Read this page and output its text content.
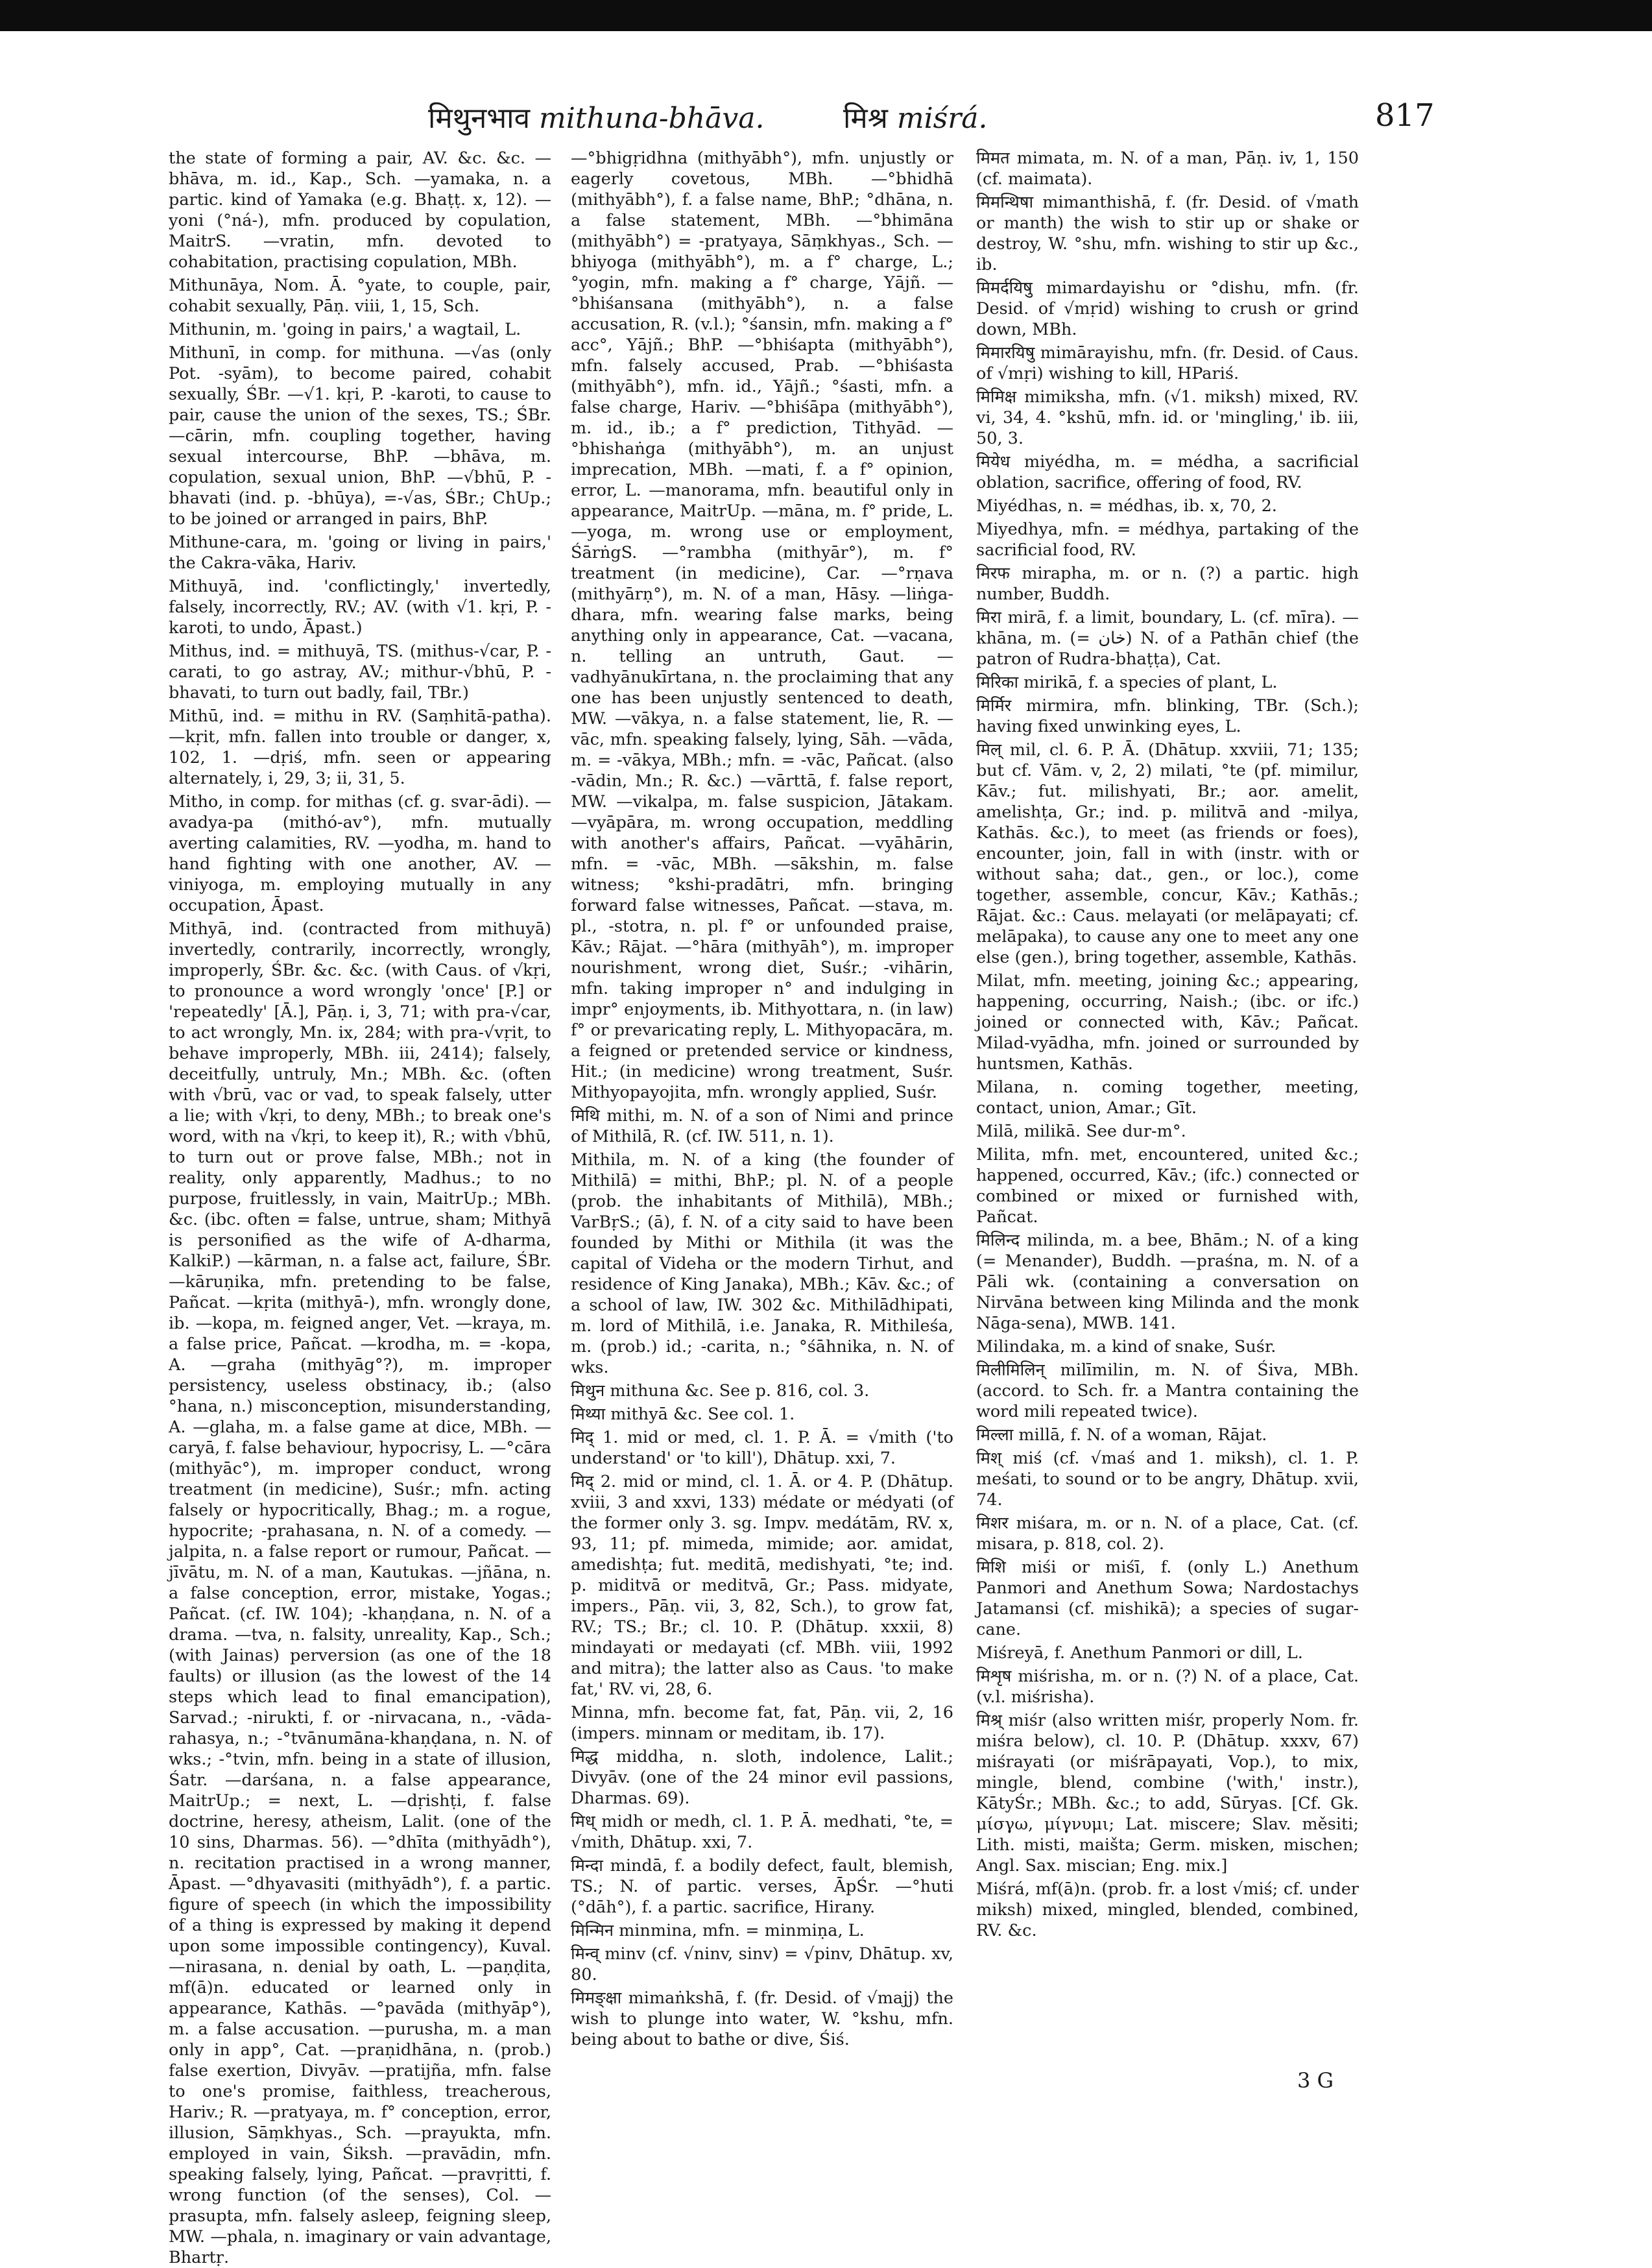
मिथुनभाव mithuna-bhāva.	मिश्र miśrá.	817

the state of forming a pair, AV. &c. &c. —bhāva, m. id., Kap., Sch. —yamaka, n. a partic. kind of Yamaka (e.g. Bhaṭṭ. x, 12). —yoni (°ná-), mfn. produced by copulation, MaitrS. —vratin, mfn. devoted to cohabitation, practising copulation, MBh.

Mithunāya, Nom. Ā. °yate, to couple, pair, cohabit sexually, Pāṇ. viii, 1, 15, Sch.

Mithunin, m. 'going in pairs,' a wagtail, L.

Mithunī, in comp. for mithuna. —√as (only Pot. -syām), to become paired, cohabit sexually, ŚBr. —√1. kṛi, P. -karoti, to cause to pair, cause the union of the sexes, TS.; ŚBr. —cārin, mfn. coupling together, having sexual intercourse, BhP. —bhāva, m. copulation, sexual union, BhP. —√bhū, P. -bhavati (ind. p. -bhūya), =-√as, ŚBr.; ChUp.; to be joined or arranged in pairs, BhP.

Mithune-cara, m. 'going or living in pairs,' the Cakra-vāka, Hariv.

Mithuyā, ind. 'conflictingly,' invertedly, falsely, incorrectly, RV.; AV. (with √1. kṛi, P. -karoti, to undo, Āpast.)

Mithus, ind. = mithuyā, TS. (mithus-√car, P. -carati, to go astray, AV.; mithur-√bhū, P. -bhavati, to turn out badly, fail, TBr.)

Mithū, ind. = mithu in RV. (Saṃhitā-patha). —kṛit, mfn. fallen into trouble or danger, x, 102, 1. —dṛiś, mfn. seen or appearing alternately, i, 29, 3; ii, 31, 5.

Mitho, in comp. for mithas (cf. g. svar-ādi). —avadya-pa (mithó-av°), mfn. mutually averting calamities, RV. —yodha, m. hand to hand fighting with one another, AV. —viniyoga, m. employing mutually in any occupation, Āpast.

Mithyā, ind. (contracted from mithuyā) invertedly, contrarily, incorrectly, wrongly, improperly, ŚBr. &c. &c. (with Caus. of √kṛi, to pronounce a word wrongly 'once' [P.] or 'repeatedly' [Ā.], Pāṇ. i, 3, 71; with pra-√car, to act wrongly, Mn. ix, 284; with pra-√vṛit, to behave improperly, MBh. iii, 2414); falsely, deceitfully, untruly, Mn.; MBh. &c. (often with √brū, vac or vad, to speak falsely, utter a lie; with √kṛi, to deny, MBh.; to break one's word, with na √kṛi, to keep it), R.; with √bhū, to turn out or prove false, MBh.; not in reality, only apparently, Madhus.; to no purpose, fruitlessly, in vain, MaitrUp.; MBh. &c. (ibc. often = false, untrue, sham; Mithyā is personified as the wife of A-dharma, KalkiP.) —kārman, n. a false act, failure, ŚBr. —kāruṇika, mfn. pretending to be false, Pañcat. —kṛita (mithyā-), mfn. wrongly done, ib. —kopa, m. feigned anger, Vet. —kraya, m. a false price, Pañcat. —krodha, m. = -kopa, A. —graha (mithyāg°?), m. improper persistency, useless obstinacy, ib.; (also °hana, n.) misconception, misunderstanding, A. —glaha, m. a false game at dice, MBh. —caryā, f. false behaviour, hypocrisy, L. —°cāra (mithyāc°), m. improper conduct, wrong treatment (in medicine), Suśr.; mfn. acting falsely or hypocritically, Bhag.; m. a rogue, hypocrite; -prahasana, n. N. of a comedy. —jalpita, n. a false report or rumour, Pañcat. —jīvātu, m. N. of a man, Kautukas. —jñāna, n. a false conception, error, mistake, Yogas.; Pañcat. (cf. IW. 104); -khaṇḍana, n. N. of a drama. —tva, n. falsity, unreality, Kap., Sch.; (with Jainas) perversion (as one of the 18 faults) or illusion (as the lowest of the 14 steps which lead to final emancipation), Sarvad.; -nirukti, f. or -nirvacana, n., -vāda-rahasya, n.; -°tvānumāna-khaṇḍana, n. N. of wks.; -°tvin, mfn. being in a state of illusion, Śatr. —darśana, n. a false appearance, MaitrUp.; = next, L. —dṛishṭi, f. false doctrine, heresy, atheism, Lalit. (one of the 10 sins, Dharmas. 56). —°dhīta (mithyādh°), n. recitation practised in a wrong manner, Āpast. —°dhyavasiti (mithyādh°), f. a partic. figure of speech (in which the impossibility of a thing is expressed by making it depend upon some impossible contingency), Kuval. —nirasana, n. denial by oath, L. —paṇḍita, mf(ā)n. educated or learned only in appearance, Kathās. —°pavāda (mithyāp°), m. a false accusation. —purusha, m. a man only in app°, Cat. —praṇidhāna, n. (prob.) false exertion, Divyāv. —pratijña, mfn. false to one's promise, faithless, treacherous, Hariv.; R. —pratyaya, m. f° conception, error, illusion, Sāṃkhyas., Sch. —prayukta, mfn. employed in vain, Śiksh. —pravādin, mfn. speaking falsely, lying, Pañcat. —pravṛitti, f. wrong function (of the senses), Col. —prasupta, mfn. falsely asleep, feigning sleep, MW. —phala, n. imaginary or vain advantage, Bhartṛ.

—°bhigṛidhna (mithyābh°), mfn. unjustly or eagerly covetous, MBh. —°bhidhā (mithyābh°), f. a false name, BhP.; °dhāna, n. a false statement, MBh. —°bhimāna (mithyābh°) = -pratyaya, Sāṃkhyas., Sch. —bhiyoga (mithyābh°), m. a f° charge, L.; °yogin, mfn. making a f° charge, Yājñ. —°bhiśansana (mithyābh°), n. a false accusation, R. (v.l.); °śansin, mfn. making a f° acc°, Yājñ.; BhP. —°bhiśapta (mithyābh°), mfn. falsely accused, Prab. —°bhiśasta (mithyābh°), mfn. id., Yājñ.; °śasti, mfn. a false charge, Hariv. —°bhiśāpa (mithyābh°), m. id., ib.; a f° prediction, Tithyād. —°bhishaṅga (mithyābh°), m. an unjust imprecation, MBh. —mati, f. a f° opinion, error, L. —manorama, mfn. beautiful only in appearance, MaitrUp. —māna, m. f° pride, L. —yoga, m. wrong use or employment, ŚārṅgS. —°rambha (mithyār°), m. f° treatment (in medicine), Car. —°rṇava (mithyārṇ°), m. N. of a man, Hāsy. —liṅga-dhara, mfn. wearing false marks, being anything only in appearance, Cat. —vacana, n. telling an untruth, Gaut. —vadhyānukīrtana, n. the proclaiming that any one has been unjustly sentenced to death, MW. —vākya, n. a false statement, lie, R. —vāc, mfn. speaking falsely, lying, Sāh. —vāda, m. = -vākya, MBh.; mfn. = -vāc, Pañcat. (also -vādin, Mn.; R. &c.) —vārttā, f. false report, MW. —vikalpa, m. false suspicion, Jātakam. —vyāpāra, m. wrong occupation, meddling with another's affairs, Pañcat. —vyāhārin, mfn. = -vāc, MBh. —sākshin, m. false witness; °kshi-pradātri, mfn. bringing forward false witnesses, Pañcat. —stava, m. pl., -stotra, n. pl. f° or unfounded praise, Kāv.; Rājat. —°hāra (mithyāh°), m. improper nourishment, wrong diet, Suśr.; -vihārin, mfn. taking improper n° and indulging in impr° enjoyments, ib. Mithyottara, n. (in law) f° or prevaricating reply, L. Mithyopacāra, m. a feigned or pretended service or kindness, Hit.; (in medicine) wrong treatment, Suśr. Mithyopayojita, mfn. wrongly applied, Suśr.

मिथि mithi, m. N. of a son of Nimi and prince of Mithilā, R. (cf. IW. 511, n. 1).

Mithila, m. N. of a king (the founder of Mithilā) = mithi, BhP.; pl. N. of a people (prob. the inhabitants of Mithilā), MBh.; VarBṛS.; (ā), f. N. of a city said to have been founded by Mithi or Mithila (it was the capital of Videha or the modern Tirhut, and residence of King Janaka), MBh.; Kāv. &c.; of a school of law, IW. 302 &c. Mithilādhipati, m. lord of Mithilā, i.e. Janaka, R. Mithileśa, m. (prob.) id.; -carita, n.; °śāhnika, n. N. of wks.

मिथुन mithuna &c. See p. 816, col. 3.

मिथ्या mithyā &c. See col. 1.

मिद् 1. mid or med, cl. 1. P. Ā. = √mith ('to understand' or 'to kill'), Dhātup. xxi, 7.

मिद् 2. mid or mind, cl. 1. Ā. or 4. P. (Dhātup. xviii, 3 and xxvi, 133) médate or médyati (of the former only 3. sg. Impv. medátām, RV. x, 93, 11; pf. mimeda, mimide; aor. amidat, amedishṭa; fut. meditā, medishyati, °te; ind. p. miditvā or meditvā, Gr.; Pass. midyate, impers., Pāṇ. vii, 3, 82, Sch.), to grow fat, RV.; TS.; Br.; cl. 10. P. (Dhātup. xxxii, 8) mindayati or medayati (cf. MBh. viii, 1992 and mitra); the latter also as Caus. 'to make fat,' RV. vi, 28, 6.

Minna, mfn. become fat, fat, Pāṇ. vii, 2, 16 (impers. minnam or meditam, ib. 17).

मिद्ध middha, n. sloth, indolence, Lalit.; Divyāv. (one of the 24 minor evil passions, Dharmas. 69).

मिध् midh or medh, cl. 1. P. Ā. medhati, °te, = √mith, Dhātup. xxi, 7.

मिन्दा mindā, f. a bodily defect, fault, blemish, TS.; N. of partic. verses, ĀpŚr. —°huti (°dāh°), f. a partic. sacrifice, Hirany.

मिन्मिन minmina, mfn. = minmiṇa, L.

मिन्व् minv (cf. √ninv, sinv) = √pinv, Dhātup. xv, 80.

मिमङ्क्षा mimaṅkshā, f. (fr. Desid. of √majj) the wish to plunge into water, W. °kshu, mfn. being about to bathe or dive, Śiś.

मिमत mimata, m. N. of a man, Pāṇ. iv, 1, 150 (cf. maimata).

मिमन्थिषा mimanthishā, f. (fr. Desid. of √math or manth) the wish to stir up or shake or destroy, W. °shu, mfn. wishing to stir up &c., ib.

मिमर्दयिषु mimardayishu or °dishu, mfn. (fr. Desid. of √mṛid) wishing to crush or grind down, MBh.

मिमारयिषु mimārayishu, mfn. (fr. Desid. of Caus. of √mṛi) wishing to kill, HPariś.

मिमिक्ष mimiksha, mfn. (√1. miksh) mixed, RV. vi, 34, 4. °kshū, mfn. id. or 'mingling,' ib. iii, 50, 3.

मियेध miyédha, m. = médha, a sacrificial oblation, sacrifice, offering of food, RV.

Miyédhas, n. = médhas, ib. x, 70, 2.

Miyedhya, mfn. = médhya, partaking of the sacrificial food, RV.

मिरफ mirapha, m. or n. (?) a partic. high number, Buddh.

मिरा mirā, f. a limit, boundary, L. (cf. mīra). —khāna, m. (= خان) N. of a Pathān chief (the patron of Rudra-bhaṭṭa), Cat.

मिरिका mirikā, f. a species of plant, L.

मिर्मिर mirmira, mfn. blinking, TBr. (Sch.); having fixed unwinking eyes, L.

मिल् mil, cl. 6. P. Ā. (Dhātup. xxviii, 71; 135; but cf. Vām. v, 2, 2) milati, °te (pf. mimilur, Kāv.; fut. milishyati, Br.; aor. amelit, amelishṭa, Gr.; ind. p. militvā and -milya, Kathās. &c.), to meet (as friends or foes), encounter, join, fall in with (instr. with or without saha; dat., gen., or loc.), come together, assemble, concur, Kāv.; Kathās.; Rājat. &c.: Caus. melayati (or melāpayati; cf. melāpaka), to cause any one to meet any one else (gen.), bring together, assemble, Kathās.

Milat, mfn. meeting, joining &c.; appearing, happening, occurring, Naish.; (ibc. or ifc.) joined or connected with, Kāv.; Pañcat. Milad-vyādha, mfn. joined or surrounded by huntsmen, Kathās.

Milana, n. coming together, meeting, contact, union, Amar.; Gīt.

Milā, milikā. See dur-m°.

Milita, mfn. met, encountered, united &c.; happened, occurred, Kāv.; (ifc.) connected or combined or mixed or furnished with, Pañcat.

मिलिन्द milinda, m. a bee, Bhām.; N. of a king (= Menander), Buddh. —praśna, m. N. of a Pāli wk. (containing a conversation on Nirvāna between king Milinda and the monk Nāga-sena), MWB. 141.

Milindaka, m. a kind of snake, Suśr.

मिलीमिलिन् milīmilin, m. N. of Śiva, MBh. (accord. to Sch. fr. a Mantra containing the word mili repeated twice).

मिल्ला millā, f. N. of a woman, Rājat.

मिश् miś (cf. √maś and 1. miksh), cl. 1. P. meśati, to sound or to be angry, Dhātup. xvii, 74.

मिशर miśara, m. or n. N. of a place, Cat. (cf. misara, p. 818, col. 2).

मिशि miśi or miśī, f. (only L.) Anethum Panmori and Anethum Sowa; Nardostachys Jatamansi (cf. mishikā); a species of sugar-cane.

Miśreyā, f. Anethum Panmori or dill, L.

मिशृष miśrisha, m. or n. (?) N. of a place, Cat. (v.l. miśrisha).

मिश्र् miśr (also written miśr, properly Nom. fr. miśra below), cl. 10. P. (Dhātup. xxxv, 67) miśrayati (or miśrāpayati, Vop.), to mix, mingle, blend, combine ('with,' instr.), KātyŚr.; MBh. &c.; to add, Sūryas. [Cf. Gk. μίσγω, μίγνυμι; Lat. miscere; Slav. měsiti; Lith. misti, maišta; Germ. misken, mischen; Angl. Sax. miscian; Eng. mix.]

Miśrá, mf(ā)n. (prob. fr. a lost √miś; cf. under miksh) mixed, mingled, blended, combined, RV. &c.

3 G
